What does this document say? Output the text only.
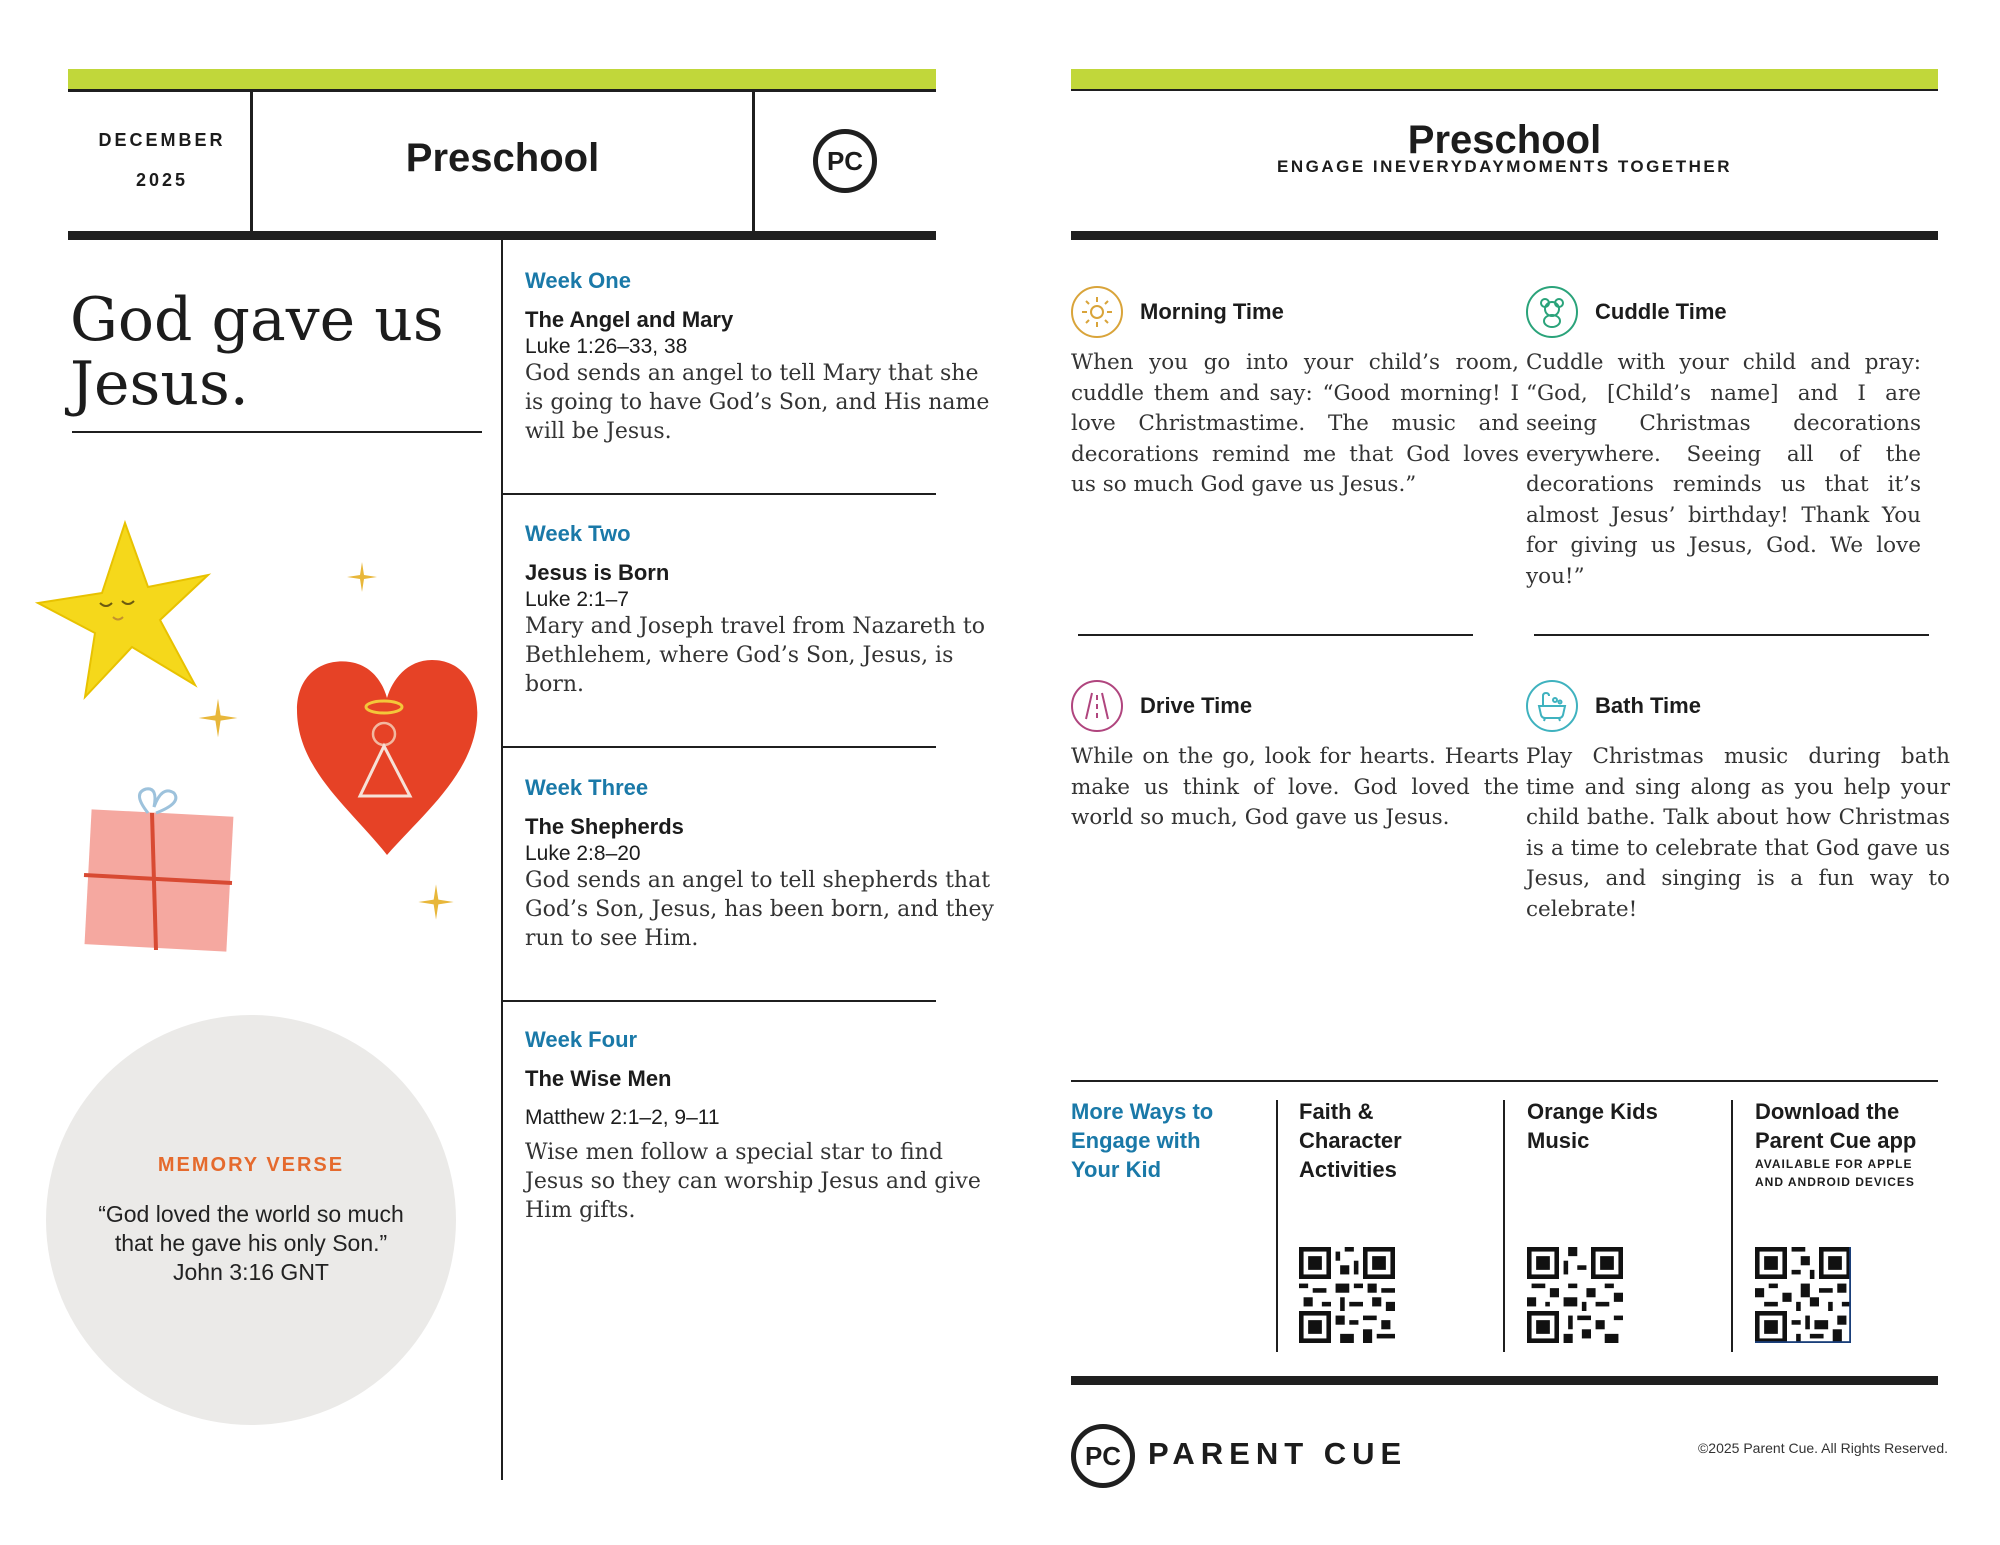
DECEMBER
2025	Preschool	PC
God gave us
Jesus.
MEMORY VERSE
“God loved the world so much
that he gave his only Son.”
John 3:16 GNT
Week One
The Angel and Mary
Luke 1:26–33, 38
God sends an angel to tell Mary that she is going to have God’s Son, and His name will be Jesus.
Week Two
Jesus is Born
Luke 2:1–7
Mary and Joseph travel from Nazareth to Bethlehem, where God’s Son, Jesus, is born.
Week Three
The Shepherds
Luke 2:8–20
God sends an angel to tell shepherds that God’s Son, Jesus, has been born, and they run to see Him.
Week Four
The Wise Men
Matthew 2:1–2, 9–11
Wise men follow a special star to find Jesus so they can worship Jesus and give Him gifts.
Preschool
ENGAGE INEVERYDAYMOMENTS TOGETHER
Morning Time
When you go into your child’s room, cuddle them and say: “Good morning! I love Christmastime. The music and decorations remind me that God loves us so much God gave us Jesus.”
Cuddle Time
Cuddle with your child and pray: “God, [Child’s name] and I are seeing Christmas decorations everywhere. Seeing all of the decorations reminds us that it’s almost Jesus’ birthday! Thank You for giving us Jesus, God. We love you!”
Drive Time
While on the go, look for hearts. Hearts make us think of love. God loved the world so much, God gave us Jesus.
Bath Time
Play Christmas music during bath time and sing along as you help your child bathe. Talk about how Christmas is a time to celebrate that God gave us Jesus, and singing is a fun way to celebrate!
More Ways to
Engage with
Your Kid
Faith &
Character
Activities
Orange Kids
Music
Download the
Parent Cue app
AVAILABLE FOR APPLE
AND ANDROID DEVICES
PC PARENT CUE	©2025 Parent Cue. All Rights Reserved.
